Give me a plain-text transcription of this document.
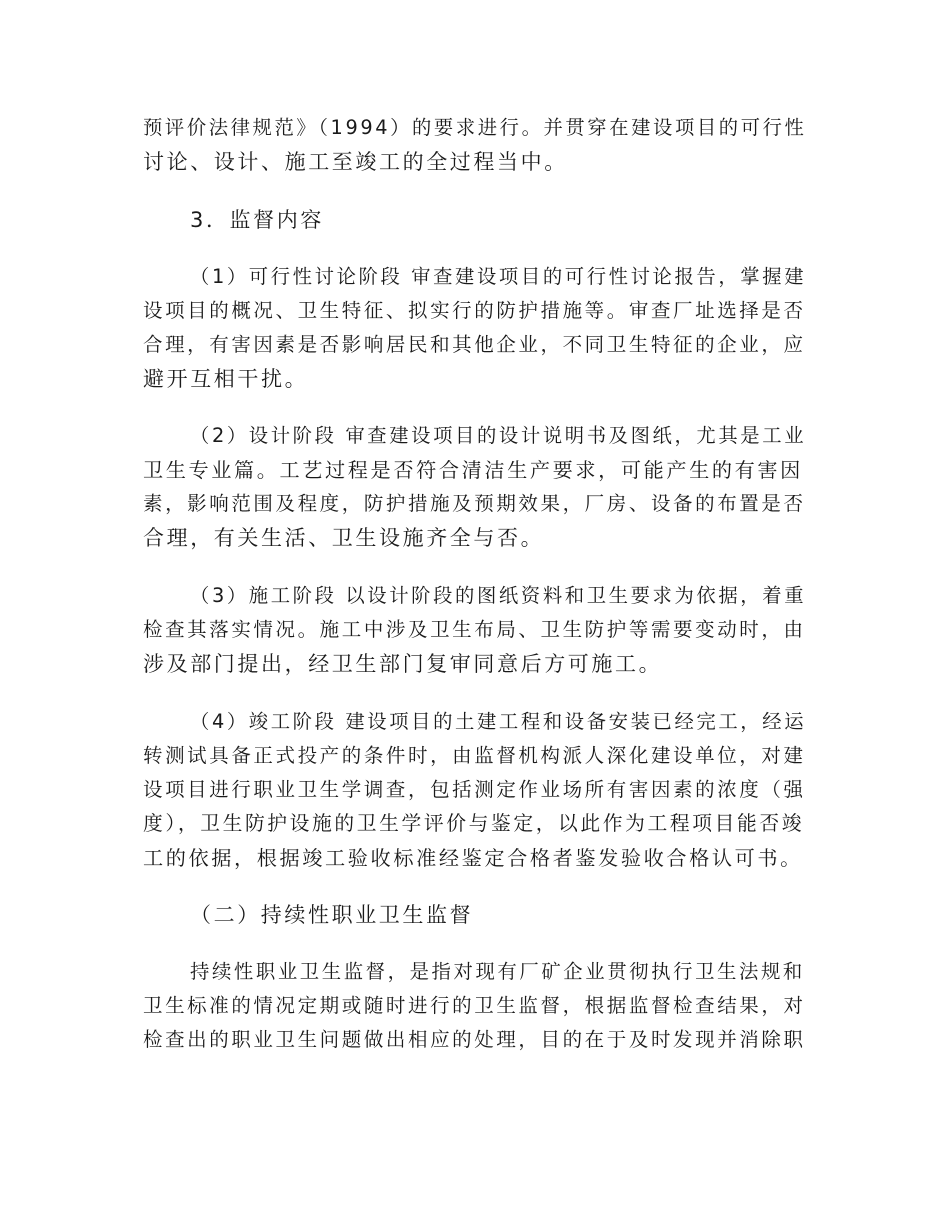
预评价法律规范》（1994）的要求进行。并贯穿在建设项目的可行性
讨论、设计、施工至竣工的全过程当中。
3．监督内容
（1）可行性讨论阶段 审查建设项目的可行性讨论报告，掌握建
设项目的概况、卫生特征、拟实行的防护措施等。审查厂址选择是否
合理，有害因素是否影响居民和其他企业，不同卫生特征的企业，应
避开互相干扰。
（2）设计阶段 审查建设项目的设计说明书及图纸，尤其是工业
卫生专业篇。工艺过程是否符合清洁生产要求，可能产生的有害因
素，影响范围及程度，防护措施及预期效果，厂房、设备的布置是否
合理，有关生活、卫生设施齐全与否。
（3）施工阶段 以设计阶段的图纸资料和卫生要求为依据，着重
检查其落实情况。施工中涉及卫生布局、卫生防护等需要变动时，由
涉及部门提出，经卫生部门复审同意后方可施工。
（4）竣工阶段 建设项目的土建工程和设备安装已经完工，经运
转测试具备正式投产的条件时，由监督机构派人深化建设单位，对建
设项目进行职业卫生学调查，包括测定作业场所有害因素的浓度（强
度），卫生防护设施的卫生学评价与鉴定，以此作为工程项目能否竣
工的依据，根据竣工验收标准经鉴定合格者鉴发验收合格认可书。
（二）持续性职业卫生监督
持续性职业卫生监督，是指对现有厂矿企业贯彻执行卫生法规和
卫生标准的情况定期或随时进行的卫生监督，根据监督检查结果，对
检查出的职业卫生问题做出相应的处理，目的在于及时发现并消除职
